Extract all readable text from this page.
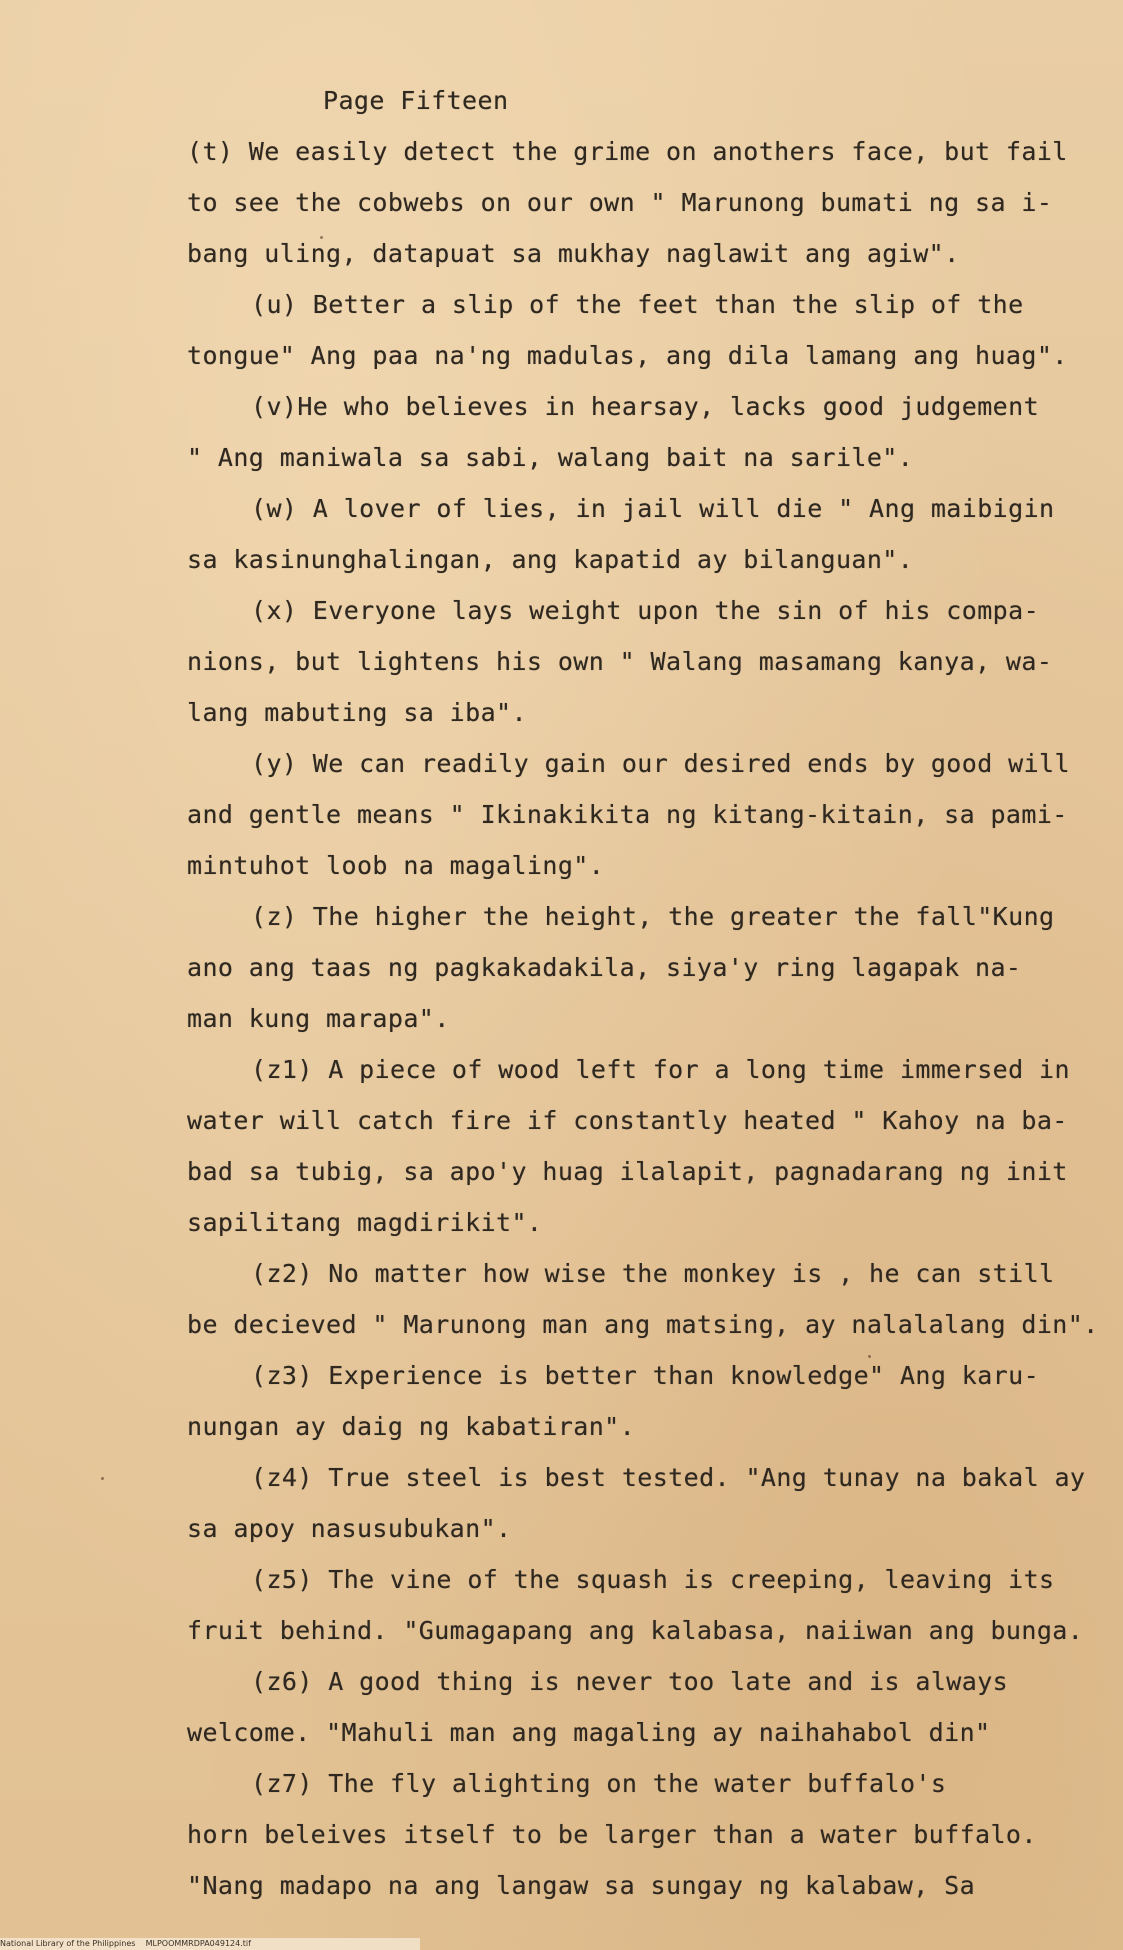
Page Fifteen
(t) We easily detect the grime on anothers face, but fail
to see the cobwebs on our own " Marunong bumati ng sa i-
bang uling, datapuat sa mukhay naglawit ang agiw".
(u) Better a slip of the feet than the slip of the
tongue" Ang paa na'ng madulas, ang dila lamang ang huag".
(v)He who believes in hearsay, lacks good judgement
" Ang maniwala sa sabi, walang bait na sarile".
(w) A lover of lies, in jail will die " Ang maibigin
sa kasinunghalingan, ang kapatid ay bilanguan".
(x) Everyone lays weight upon the sin of his compa-
nions, but lightens his own " Walang masamang kanya, wa-
lang mabuting sa iba".
(y) We can readily gain our desired ends by good will
and gentle means " Ikinakikita ng kitang-kitain, sa pami-
mintuhot loob na magaling".
(z) The higher the height, the greater the fall"Kung
ano ang taas ng pagkakadakila, siya'y ring lagapak na-
man kung marapa".
(z1) A piece of wood left for a long time immersed in
water will catch fire if constantly heated " Kahoy na ba-
bad sa tubig, sa apo'y huag ilalapit, pagnadarang ng init
sapilitang magdirikit".
(z2) No matter how wise the monkey is , he can still
be decieved " Marunong man ang matsing, ay nalalalang din".
(z3) Experience is better than knowledge" Ang karu-
nungan ay daig ng kabatiran".
(z4) True steel is best tested. "Ang tunay na bakal ay
sa apoy nasusubukan".
(z5) The vine of the squash is creeping, leaving its
fruit behind. "Gumagapang ang kalabasa, naiiwan ang bunga.
(z6) A good thing is never too late and is always
welcome. "Mahuli man ang magaling ay naihahabol din"
(z7) The fly alighting on the water buffalo's
horn beleives itself to be larger than a water buffalo.
"Nang madapo na ang langaw sa sungay ng kalabaw, Sa
National Library of the Philippines    MLPOOMMRDPA049124.tif
